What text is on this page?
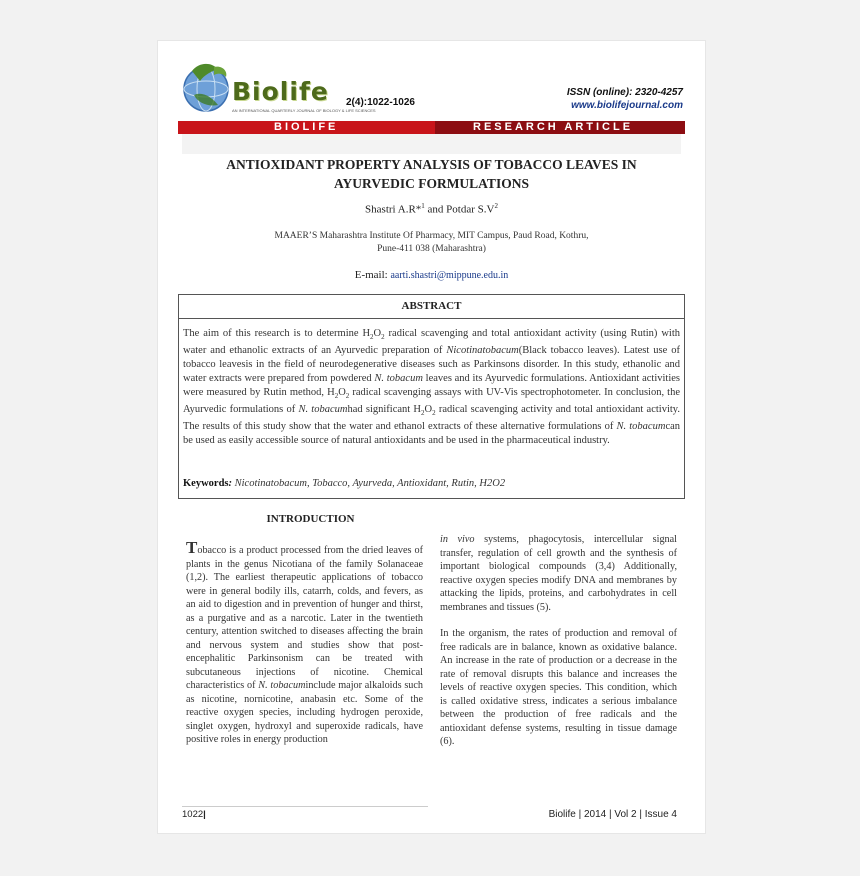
Biolife
AN INTERNATIONAL QUARTERLY JOURNAL OF BIOLOGY & LIFE SCIENCES
2(4):1022-1026
ISSN (online): 2320-4257
www.biolifejournal.com
BIOLIFE	RESEARCH ARTICLE
ANTIOXIDANT PROPERTY ANALYSIS OF TOBACCO LEAVES IN AYURVEDIC FORMULATIONS
Shastri A.R*$^1$ and Potdar $S.V^2$
MAAER’S Maharashtra Institute Of Pharmacy, MIT Campus, Paud Road, Kothru,
Pune-411 038 (Maharashtra)
E-mail: aarti.shastri@mippune.edu.in
ABSTRACT
The aim of this research is to determine $H_2O_2$ radical scavenging and total antioxidant activity (using Rutin) with water and ethanolic extracts of an Ayurvedic preparation of Nicotinatobacum(Black tobacco leaves). Latest use of tobacco leavesis in the field of neurodegenerative diseases such as Parkinsons disorder. In this study, ethanolic and water extracts were prepared from powdered N. tobacum leaves and its Ayurvedic formulations. Antioxidant activities were measured by Rutin method, $H_2O_2$ radical scavenging assays with UV-Vis spectrophotometer. In conclusion, the Ayurvedic formulations of N. tobacumhad significant $H_2O_2$ radical scavenging activity and total antioxidant activity. The results of this study show that the water and ethanol extracts of these alternative formulations of N. tobacumcan be used as easily accessible source of natural antioxidants and be used in the pharmaceutical industry.
Keywords: Nicotinatobacum, Tobacco, Ayurveda, Antioxidant, Rutin, H2O2
INTRODUCTION

Tobacco is a product processed from the dried leaves of plants in the genus Nicotiana of the family Solanaceae (1,2). The earliest therapeutic applications of tobacco were in general bodily ills, catarrh, colds, and fevers, as an aid to digestion and in prevention of hunger and thirst, as a purgative and as a narcotic. Later in the twentieth century, attention switched to diseases affecting the brain and nervous system and studies show that post-encephalitic Parkinsonism can be treated with subcutaneous injections of nicotine. Chemical characteristics of N. tobacuminclude major alkaloids such as nicotine, nornicotine, anabasin etc. Some of the reactive oxygen species, including hydrogen peroxide, singlet oxygen, hydroxyl and superoxide radicals, have positive roles in energy production

in vivo systems, phagocytosis, intercellular signal transfer, regulation of cell growth and the synthesis of important biological compounds (3,4) Additionally, reactive oxygen species modify DNA and membranes by attacking the lipids, proteins, and carbohydrates in cell membranes and tissues (5).

In the organism, the rates of production and removal of free radicals are in balance, known as oxidative balance. An increase in the rate of production or a decrease in the rate of removal disrupts this balance and increases the levels of reactive oxygen species. This condition, which is called oxidative stress, indicates a serious imbalance between the production of free radicals and the antioxidant defense systems, resulting in tissue damage (6).

1022|	Biolife | 2014 | Vol 2 | Issue 4
